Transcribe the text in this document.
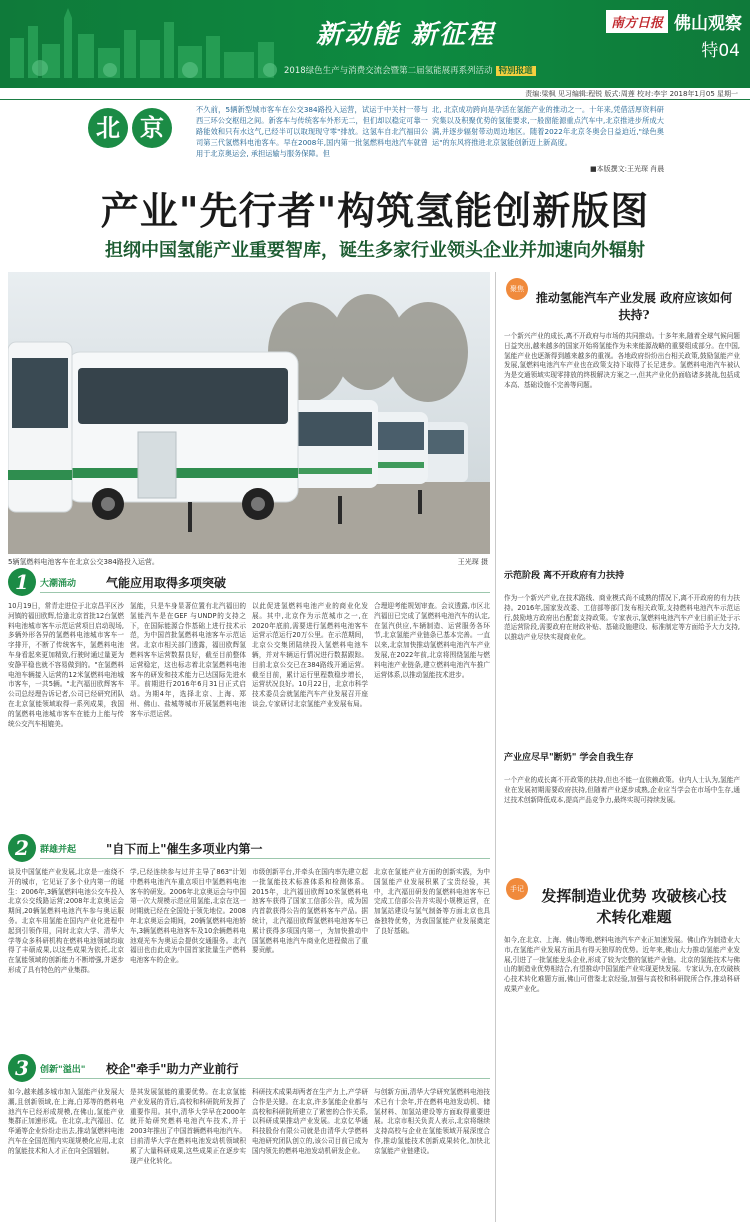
新动能 新征程
2018绿色生产与消费交流会暨第二届氢能展再系列活动 特别报道
南方日报 佛山观察
特04
责编:梁枫 见习编辑:程锐 版式:周莲 校对:李宇 2018年1月05 星期一
北 京
不久前，5辆新型城市客车在公交384路投入运营，试运于中关村一带与西三环公交枢纽之间。新客车与传统客车外形无二，但们却以稳定可靠一路能效和只有水这气,已经半可以取现现守零"排放。这氢车自北汽福田公司第三代氢燃料电池客车。早在2008年,国内第一批氢燃料电池汽车就曾用于北京奥运会, 承担运输与服务保障。但
北, 北京成功跨向是孕活在氢能产业的推动之一。十年来,凭借活厚资料研究集以及积聚优势的氢能要求,一般窗能源重点汽车中,北京推进步所成大满,并逐步辐射带动周边地区。随着2022年北京冬奥会日益迫近,"绿色奥运"的东风将推进北京氢能创新迈上新高度。
■本版撰文:王光琛 肖晨
产业"先行者"构筑氢能创新版图
担纲中国氢能产业重要智库，诞生多家行业领头企业并加速向外辐射
5辆氢燃料电池客车在北京公交384路投入运营。	王光琛 摄
1	大潮涌动 气能应用取得多项突破
10月19日，常青走进位于北京昌平区沙河镇的福田欧辉,恰逢北京首批12台氢燃料电池城市客车示范运营项目启动现场,多辆外形各异的氢燃料电池城市客车一字排开，不断了传统客车，氢燃料电池车身看起来更加精致,行驶时通过量更为安静平稳也就不容易做到的。"在氢燃料电池车辆接入运营的12米氢燃料电池城市客车，一共5辆。"北汽福田欧辉客车公司总经理告诉记者,公司已经研究团队在北京氢能领域取得一系列成果，我国的氢燃料电池城市客车在能力上能与传统公交汽车相媲美。
氢能，只是车身显著位置有北汽福田的氢能汽车是在GEF 与UNDP的支持之下，在国际能源合作基础上进行技术示范，为中国首批氢燃料电池客车示范运营。北京市相关部门透露，福田欧辉氢燃料客车运营数据良好，截至目前整体运营稳定，这也标志着北京氢燃料电池客车的研发和技术能力已达国际先进水平。前期进行2016年6月31日正式启动。为期4年，选择北京、上海、郑州、佛山、盐城等城市开展氢燃料电池客车示范运营。
以此促进氢燃料电池产业的商业化发展。其中,北京作为示范城市之一,在2020年底前,需要进行氢燃料电池客车运营示范运行20万公里。在示范期间，北京公交集团陆续投入氢燃料电池车辆，并对车辆运行情况进行数据跟踪。目前北京公交已在384路线开通运营。截至目前，累计运行里程数稳步增长，运营状况良好。10月22日，北京市科学技术委员会就氢能汽车产业发展召开座谈会,专家研讨北京氢能产业发展布局。
合理迎考能规划审查。会议透露,市区北汽福田已完成了氢燃料电池汽车的认定,在氢汽供应,车辆制造、运营服务各环节,北京氢能产业链条已基本完善。一直以来,北京加快推动氢燃料电池汽车产业发展,在2022年前,北京将围绕氢能与燃料电池产业链条,建立燃料电池汽车推广运营体系,以推动氢能技术进步。
2	群雄并起 "自下而上"催生多项业内第一
谈及中国氢能产业发展,北京是一座绕不开的城市，它见证了多个业内第一的诞生：2006年,3辆氢燃料电池公交车投入北京公交线路运营;2008年北京奥运会期间,20辆氢燃料电池汽车参与奥运服务。北京车用氢能在国内产业化进程中起到引领作用，同时北京大学、清华大学等众多科研机构在燃料电池领域均取得了丰硕成果,以这些成果为依托,北京在氢能领域的创新能力不断增强,并逐步形成了具有特色的产业集群。
学,已经连续参与过并主导了863"计划中燃料电池汽车重点项目中氢燃料电池客车的研发。2006年北京奥运会与中国第一次大规模示范应用氢能,北京在这一时期就已经在全国处于领先地位。2008年北京奥运会期间，20辆氢燃料电池轿车,3辆氢燃料电池客车及10余辆燃料电池观光车为奥运会提供交通服务。北汽福田也由此成为中国首家批量生产燃料电池客车的企业。
市级创新平台,并牵头在国内率先建立起一批氢能技术标准体系和检测体系。2015年，北汽福田欧辉10米氢燃料电池客车获得了国家工信部公告，成为国内首款获得公告的氢燃料客车产品。据统计，北汽福田欧辉氢燃料电池客车已累计获得多项国内第一，为加快推动中国氢燃料电池汽车商业化进程做出了重要贡献。
北京在氢能产业方面的创新实践，为中国氢能产业发展积累了宝贵经验，其中，北汽福田研发的氢燃料电池客车已完成工信部公告并实现小规模运营，在加氢站建设与氢气制备等方面北京也具备独特优势，为我国氢能产业发展奠定了良好基础。
3	创新"溢出" 校企"牵手"助力产业前行
如今,越来越多城市加入氢能产业发展大潮,且创新领域,在上海,白郑等的燃料电池汽车已经形成规模,在佛山,氢能产业集群正加速形成。在北京,北汽福田、亿华通等企业纷纷走出去,推动氢燃料电池汽车在全国范围内实现规模化应用,北京的氢能技术和人才正在向全国辐射。
是其发展氢能的重要优势。在北京氢能产业发展的背后,高校和科研院所发挥了重要作用。其中,清华大学早在2000年就开始研究燃料电池汽车技术,并于2003年推出了中国首辆燃料电池汽车。目前清华大学在燃料电池发动机领域积累了大量科研成果,这些成果正在逐步实现产业化转化。
科研技术成果却两者在生产力上,产学研合作是关键。在北京,许多氢能企业都与高校和科研院所建立了紧密的合作关系,以科研成果推动产业发展。北京亿华通科技股份有限公司就是由清华大学燃料电池研究团队创立的,该公司目前已成为国内领先的燃料电池发动机研发企业。
与创新方面,清华大学研究氢燃料电池技术已有十余年,并在燃料电池发动机、储氢材料、加氢站建设等方面取得重要进展。北京市相关负责人表示,北京将继续支持高校与企业在氢能领域开展深度合作,推动氢能技术创新成果转化,加快北京氢能产业链建设。
聚焦
推动氢能汽车产业发展 政府应该如何扶持?
一个新兴产业的成长,离不开政府与市场的共同推动。十多年来,随着全球气候问题日益突出,越来越多的国家开始将氢能作为未来能源战略的重要组成部分。在中国,氢能产业也逐渐得到越来越多的重视。各地政府纷纷出台相关政策,鼓励氢能产业发展,氢燃料电池汽车产业也在政策支持下取得了长足进步。氢燃料电池汽车被认为是交通领域实现零排放的终极解决方案之一,但其产业化仍面临诸多挑战,包括成本高、基础设施不完善等问题。
示范阶段 离不开政府有力扶持
作为一个新兴产业,在技术路线、商业模式尚不成熟的情况下,离不开政府的有力扶持。2016年,国家发改委、工信部等部门发布相关政策,支持燃料电池汽车示范运行,鼓励地方政府出台配套支持政策。专家表示,氢燃料电池汽车产业目前正处于示范运营阶段,需要政府在财政补贴、基础设施建设、标准制定等方面给予大力支持,以推动产业尽快实现商业化。
产业应尽早"断奶" 学会自我生存
一个产业的成长离不开政策的扶持,但也不能一直依赖政策。业内人士认为,氢能产业在发展初期需要政府扶持,但随着产业逐步成熟,企业应当学会在市场中生存,通过技术创新降低成本,提高产品竞争力,最终实现可持续发展。
手记	发挥制造业优势 攻破核心技术转化难题
如今,在北京、上海、佛山等地,燃料电池汽车产业正加速发展。佛山作为制造业大市,在氢能产业发展方面具有得天独厚的优势。近年来,佛山大力推动氢能产业发展,引进了一批氢能龙头企业,形成了较为完整的氢能产业链。北京的氢能技术与佛山的制造业优势相结合,有望推动中国氢能产业实现更快发展。专家认为,在攻破核心技术转化难题方面,佛山可借鉴北京经验,加强与高校和科研院所合作,推动科研成果产业化。
